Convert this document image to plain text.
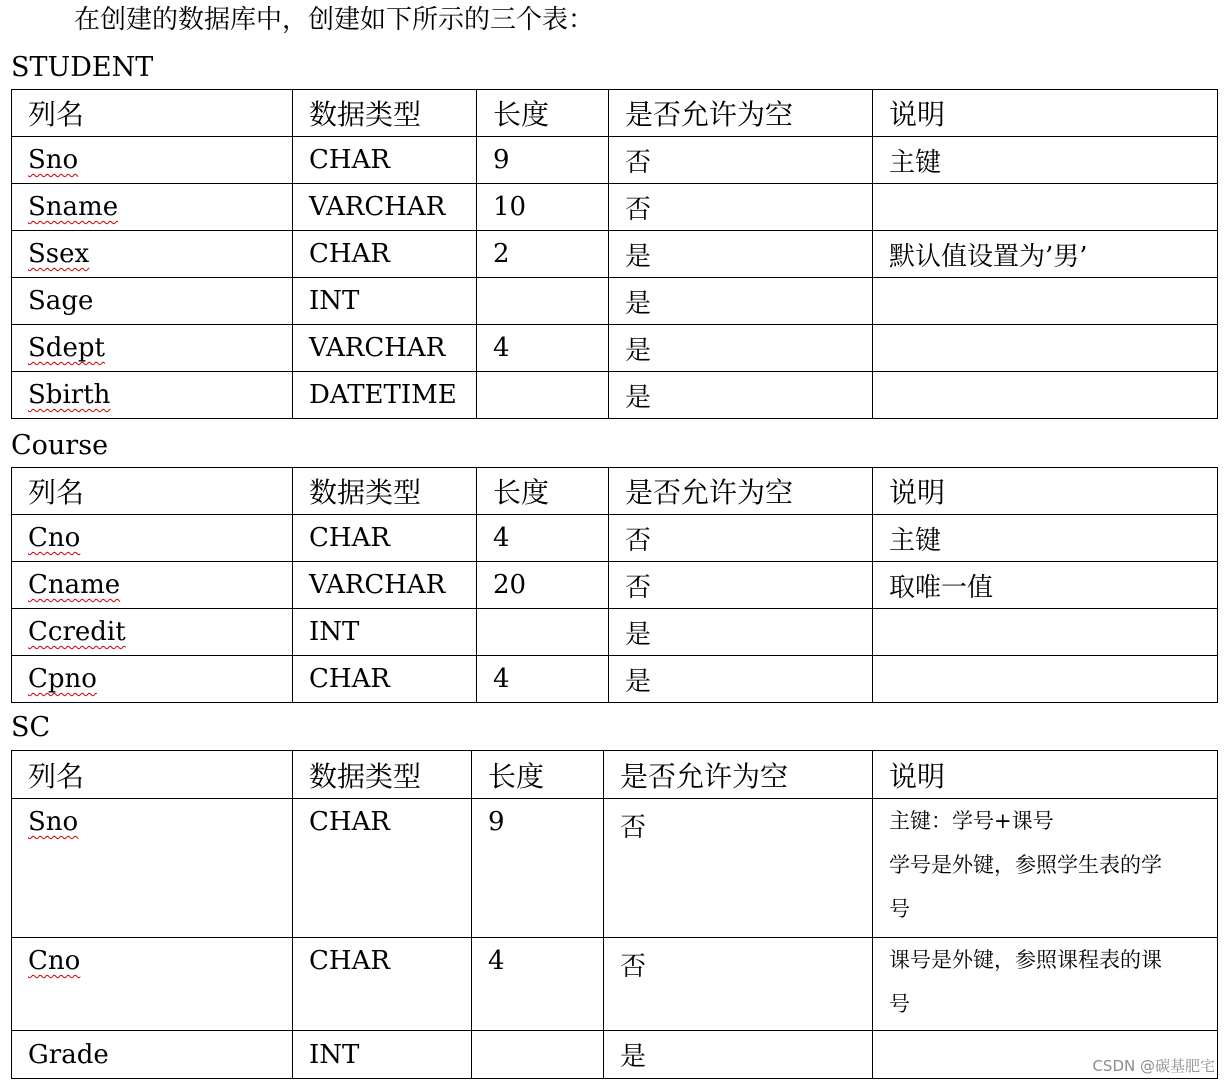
在创建的数据库中，创建如下所示的三个表：
STUDENT
列名	数据类型	长度	是否允许为空	说明
Sno	CHAR	9	否	主键
Sname	VARCHAR	10	否	
Ssex	CHAR	2	是	默认值设置为’男’
Sage	INT		是	
Sdept	VARCHAR	4	是	
Sbirth	DATETIME		是	
Course
列名	数据类型	长度	是否允许为空	说明
Cno	CHAR	4	否	主键
Cname	VARCHAR	20	否	取唯一值
Ccredit	INT		是	
Cpno	CHAR	4	是	
SC
列名	数据类型	长度	是否允许为空	说明
Sno	CHAR	9	否	主键：学号+课号
学号是外键，参照学生表的学
号

Cno	CHAR	4	否	课号是外键，参照课程表的课
号

Grade	INT		是		CSDN @碳基肥宅
